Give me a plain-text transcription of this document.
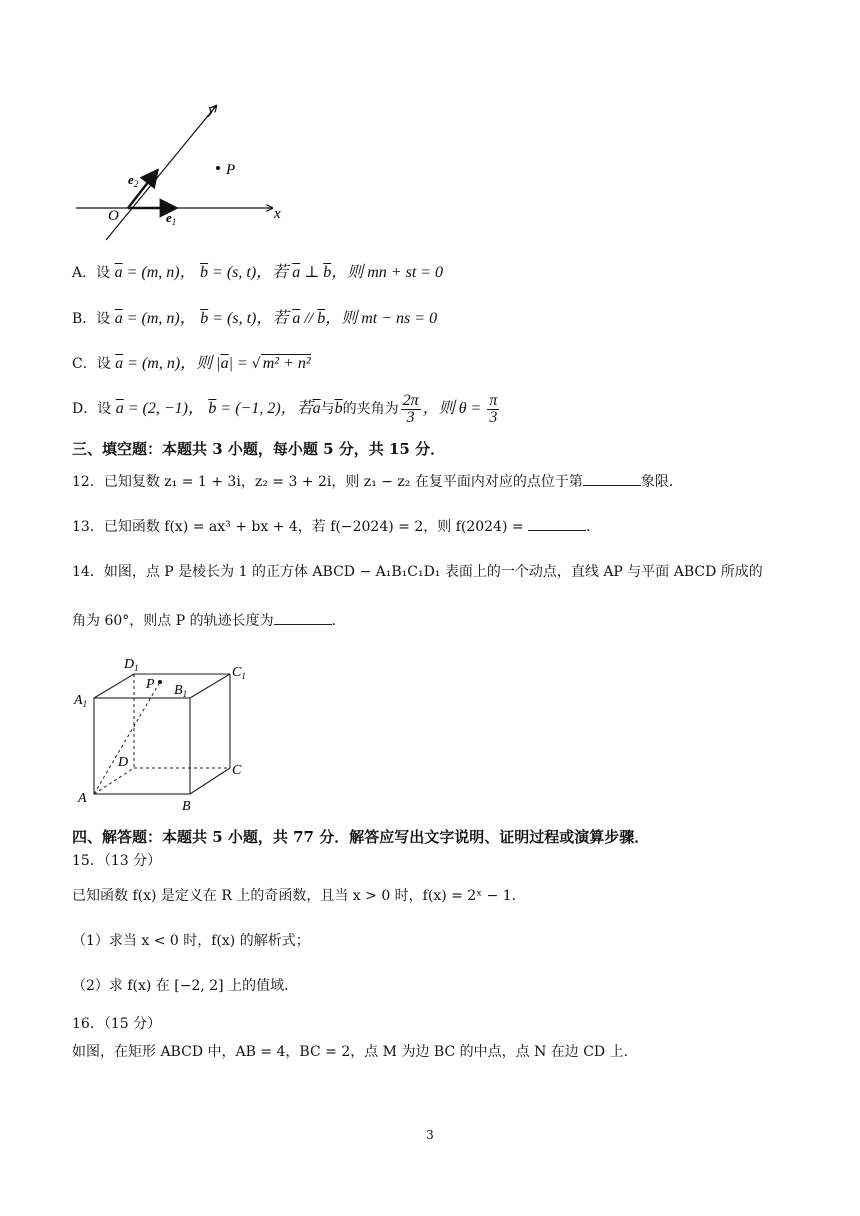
P
y
x
O	$e_1$
$e_2$
A．设 $\overline{a} = (m$, n)， $\overline{b} = (s$, t)，若 $\overline{a}$ ⊥ $\overline{b}$，则 mn + st = 0
B．设 $\overline{a} = (m$, n)， $\overline{b} = (s$, t)，若 $\overline{a} // \overline{b}$，则 mt − ns = 0
C．设 $\overline{a} = (m$, n)，则 $|\overline{a}|$ = √ m² + n²
D．设 $\overline{a} = (2$, −1)， $\overline{b} = (-1$, 2)，若$\overline{a}$与$\overline{b}$的夹角为 $\frac{2\pi}{3}$ ，则 $\theta = \frac{\pi}{3}$
三、填空题：本题共 3 小题，每小题 5 分，共 15 分．
12．已知复数 z₁ = 1 + 3i，z₂ = 3 + 2i，则 z₁ − z₂ 在复平面内对应的点位于第	象限．
13．已知函数 f(x) = ax³ + bx + 4，若 f(−2024) = 2，则 f(2024) =	．
14．如图，点 P 是棱长为 1 的正方体 ABCD − A₁B₁C₁D₁ 表面上的一个动点，直线 AP 与平面 ABCD 所成的
角为 60°，则点 P 的轨迹长度为	．
P
A
B
C
D
$A_1$
$B_1$
$C_1$
$D_1$
四、解答题：本题共 5 小题，共 77 分．解答应写出文字说明、证明过程或演算步骤．
15．（13 分）
已知函数 f(x) 是定义在 R 上的奇函数，且当 x > 0 时，f(x) = 2ˣ − 1．
（1）求当 x < 0 时，f(x) 的解析式；
（2）求 f(x) 在 [−2, 2] 上的值域．
16．（15 分）
如图，在矩形 ABCD 中，AB = 4，BC = 2，点 M 为边 BC 的中点，点 N 在边 CD 上．
3
